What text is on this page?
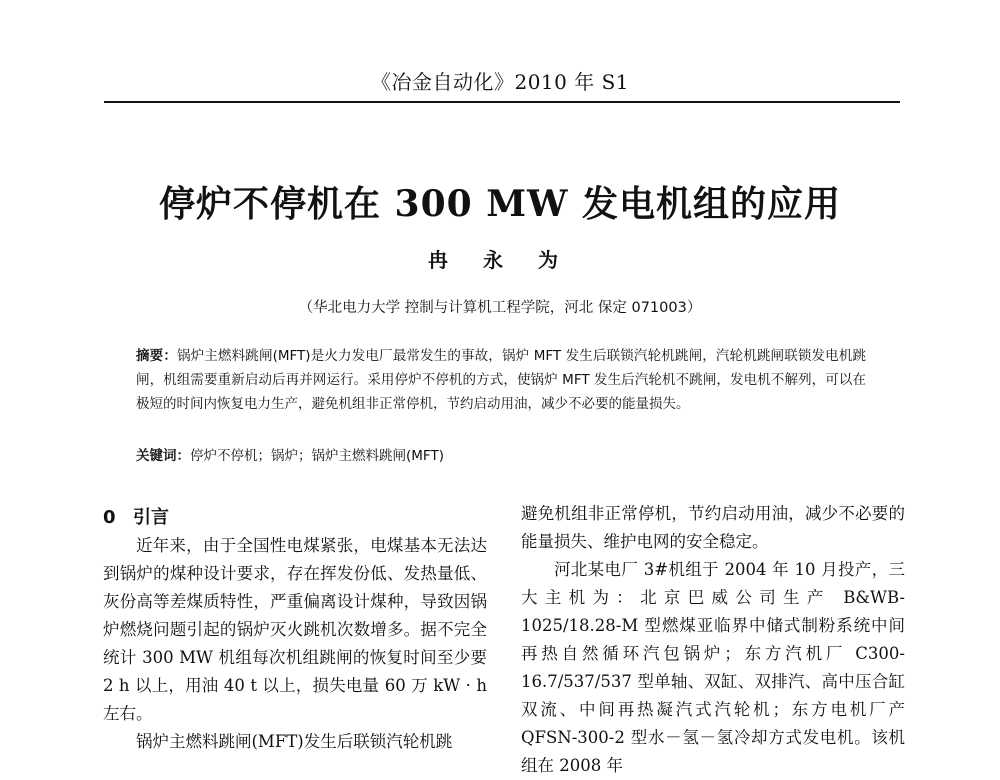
《冶金自动化》2010 年 S1
停炉不停机在 300 MW 发电机组的应用
冉 永 为
（华北电力大学 控制与计算机工程学院，河北 保定 071003）
摘要：锅炉主燃料跳闸(MFT)是火力发电厂最常发生的事故，锅炉 MFT 发生后联锁汽轮机跳闸，汽轮机跳闸联锁发电机跳闸，机组需要重新启动后再并网运行。采用停炉不停机的方式，使锅炉 MFT 发生后汽轮机不跳闸，发电机不解列，可以在极短的时间内恢复电力生产，避免机组非正常停机，节约启动用油，减少不必要的能量损失。
关键词：停炉不停机；锅炉；锅炉主燃料跳闸(MFT)
0 引言

近年来，由于全国性电煤紧张，电煤基本无法达到锅炉的煤种设计要求，存在挥发份低、发热量低、灰份高等差煤质特性，严重偏离设计煤种，导致因锅炉燃烧问题引起的锅炉灭火跳机次数增多。据不完全统计 300 MW 机组每次机组跳闸的恢复时间至少要 2 h 以上，用油 40 t 以上，损失电量 60 万 kW · h 左右。

锅炉主燃料跳闸(MFT)发生后联锁汽轮机跳

避免机组非正常停机，节约启动用油，减少不必要的能量损失、维护电网的安全稳定。

河北某电厂 3#机组于 2004 年 10 月投产，三大主机为：北京巴威公司生产 B&WB- 1025/18.28-M 型燃煤亚临界中储式制粉系统中间再热自然循环汽包锅炉；东方汽机厂 C300-16.7/537/537 型单轴、双缸、双排汽、高中压合缸双流、中间再热凝汽式汽轮机；东方电机厂产 QFSN-300-2 型水－氢－氢冷却方式发电机。该机组在 2008 年
